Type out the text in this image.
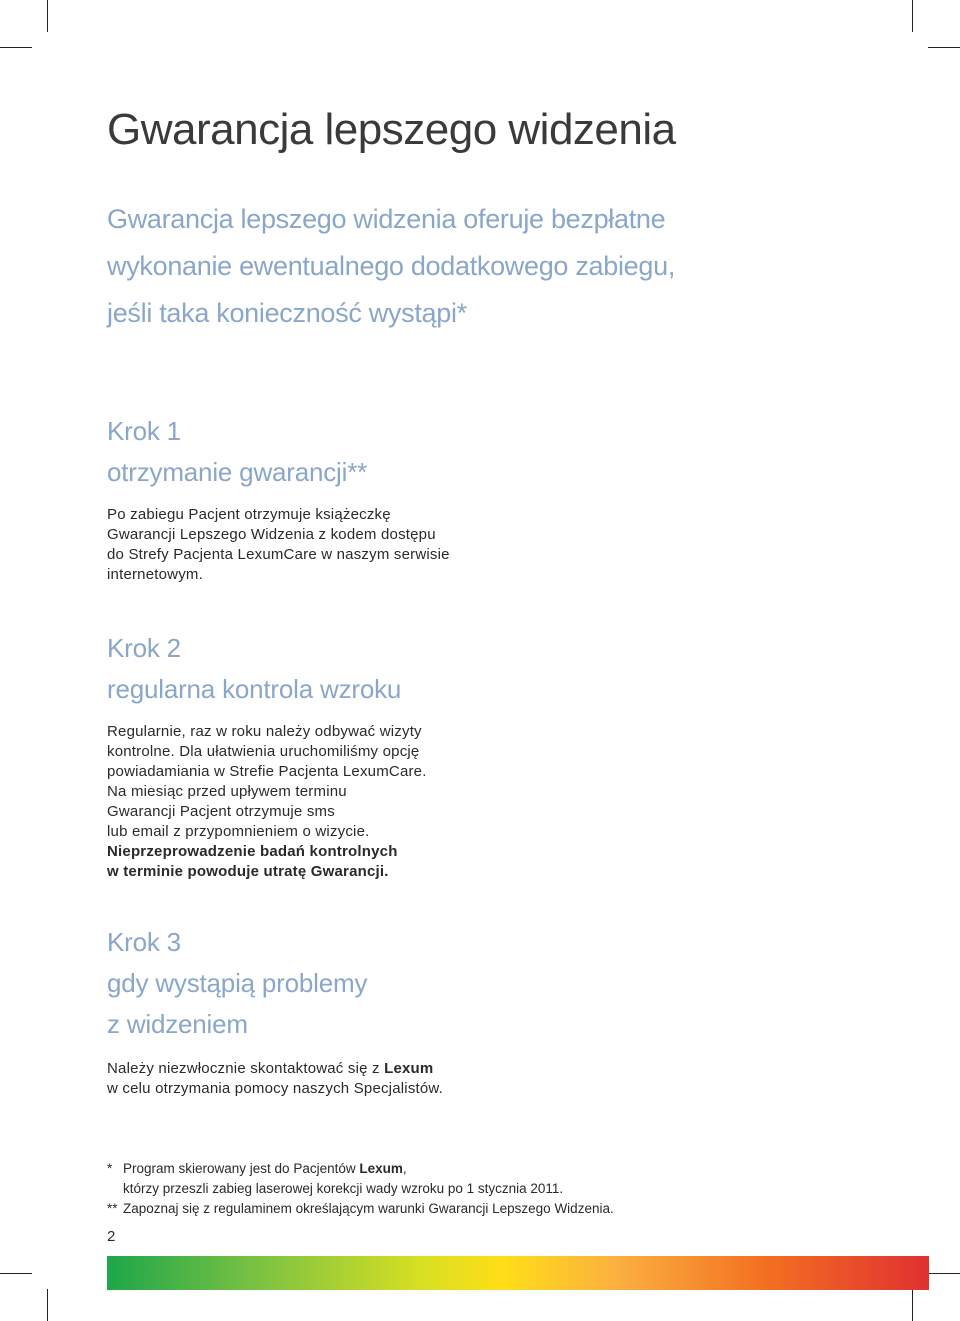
Gwarancja lepszego widzenia
Gwarancja lepszego widzenia oferuje bezpłatne
wykonanie ewentualnego dodatkowego zabiegu,
jeśli taka konieczność wystąpi*
Krok 1
otrzymanie gwarancji**
Po zabiegu Pacjent otrzymuje książeczkę
Gwarancji Lepszego Widzenia z kodem dostępu
do Strefy Pacjenta LexumCare w naszym serwisie
internetowym.
Krok 2
regularna kontrola wzroku
Regularnie, raz w roku należy odbywać wizyty
kontrolne. Dla ułatwienia uruchomiliśmy opcję
powiadamiania w Strefie Pacjenta LexumCare.
Na miesiąc przed upływem terminu
Gwarancji Pacjent otrzymuje sms
lub email z przypomnieniem o wizycie.
Nieprzeprowadzenie badań kontrolnych
w terminie powoduje utratę Gwarancji.
Krok 3
gdy wystąpią problemy
z widzeniem
Należy niezwłocznie skontaktować się z Lexum
w celu otrzymania pomocy naszych Specjalistów.
* Program skierowany jest do Pacjentów Lexum,
którzy przeszli zabieg laserowej korekcji wady wzroku po 1 stycznia 2011.
** Zapoznaj się z regulaminem określającym warunki Gwarancji Lepszego Widzenia.
2
